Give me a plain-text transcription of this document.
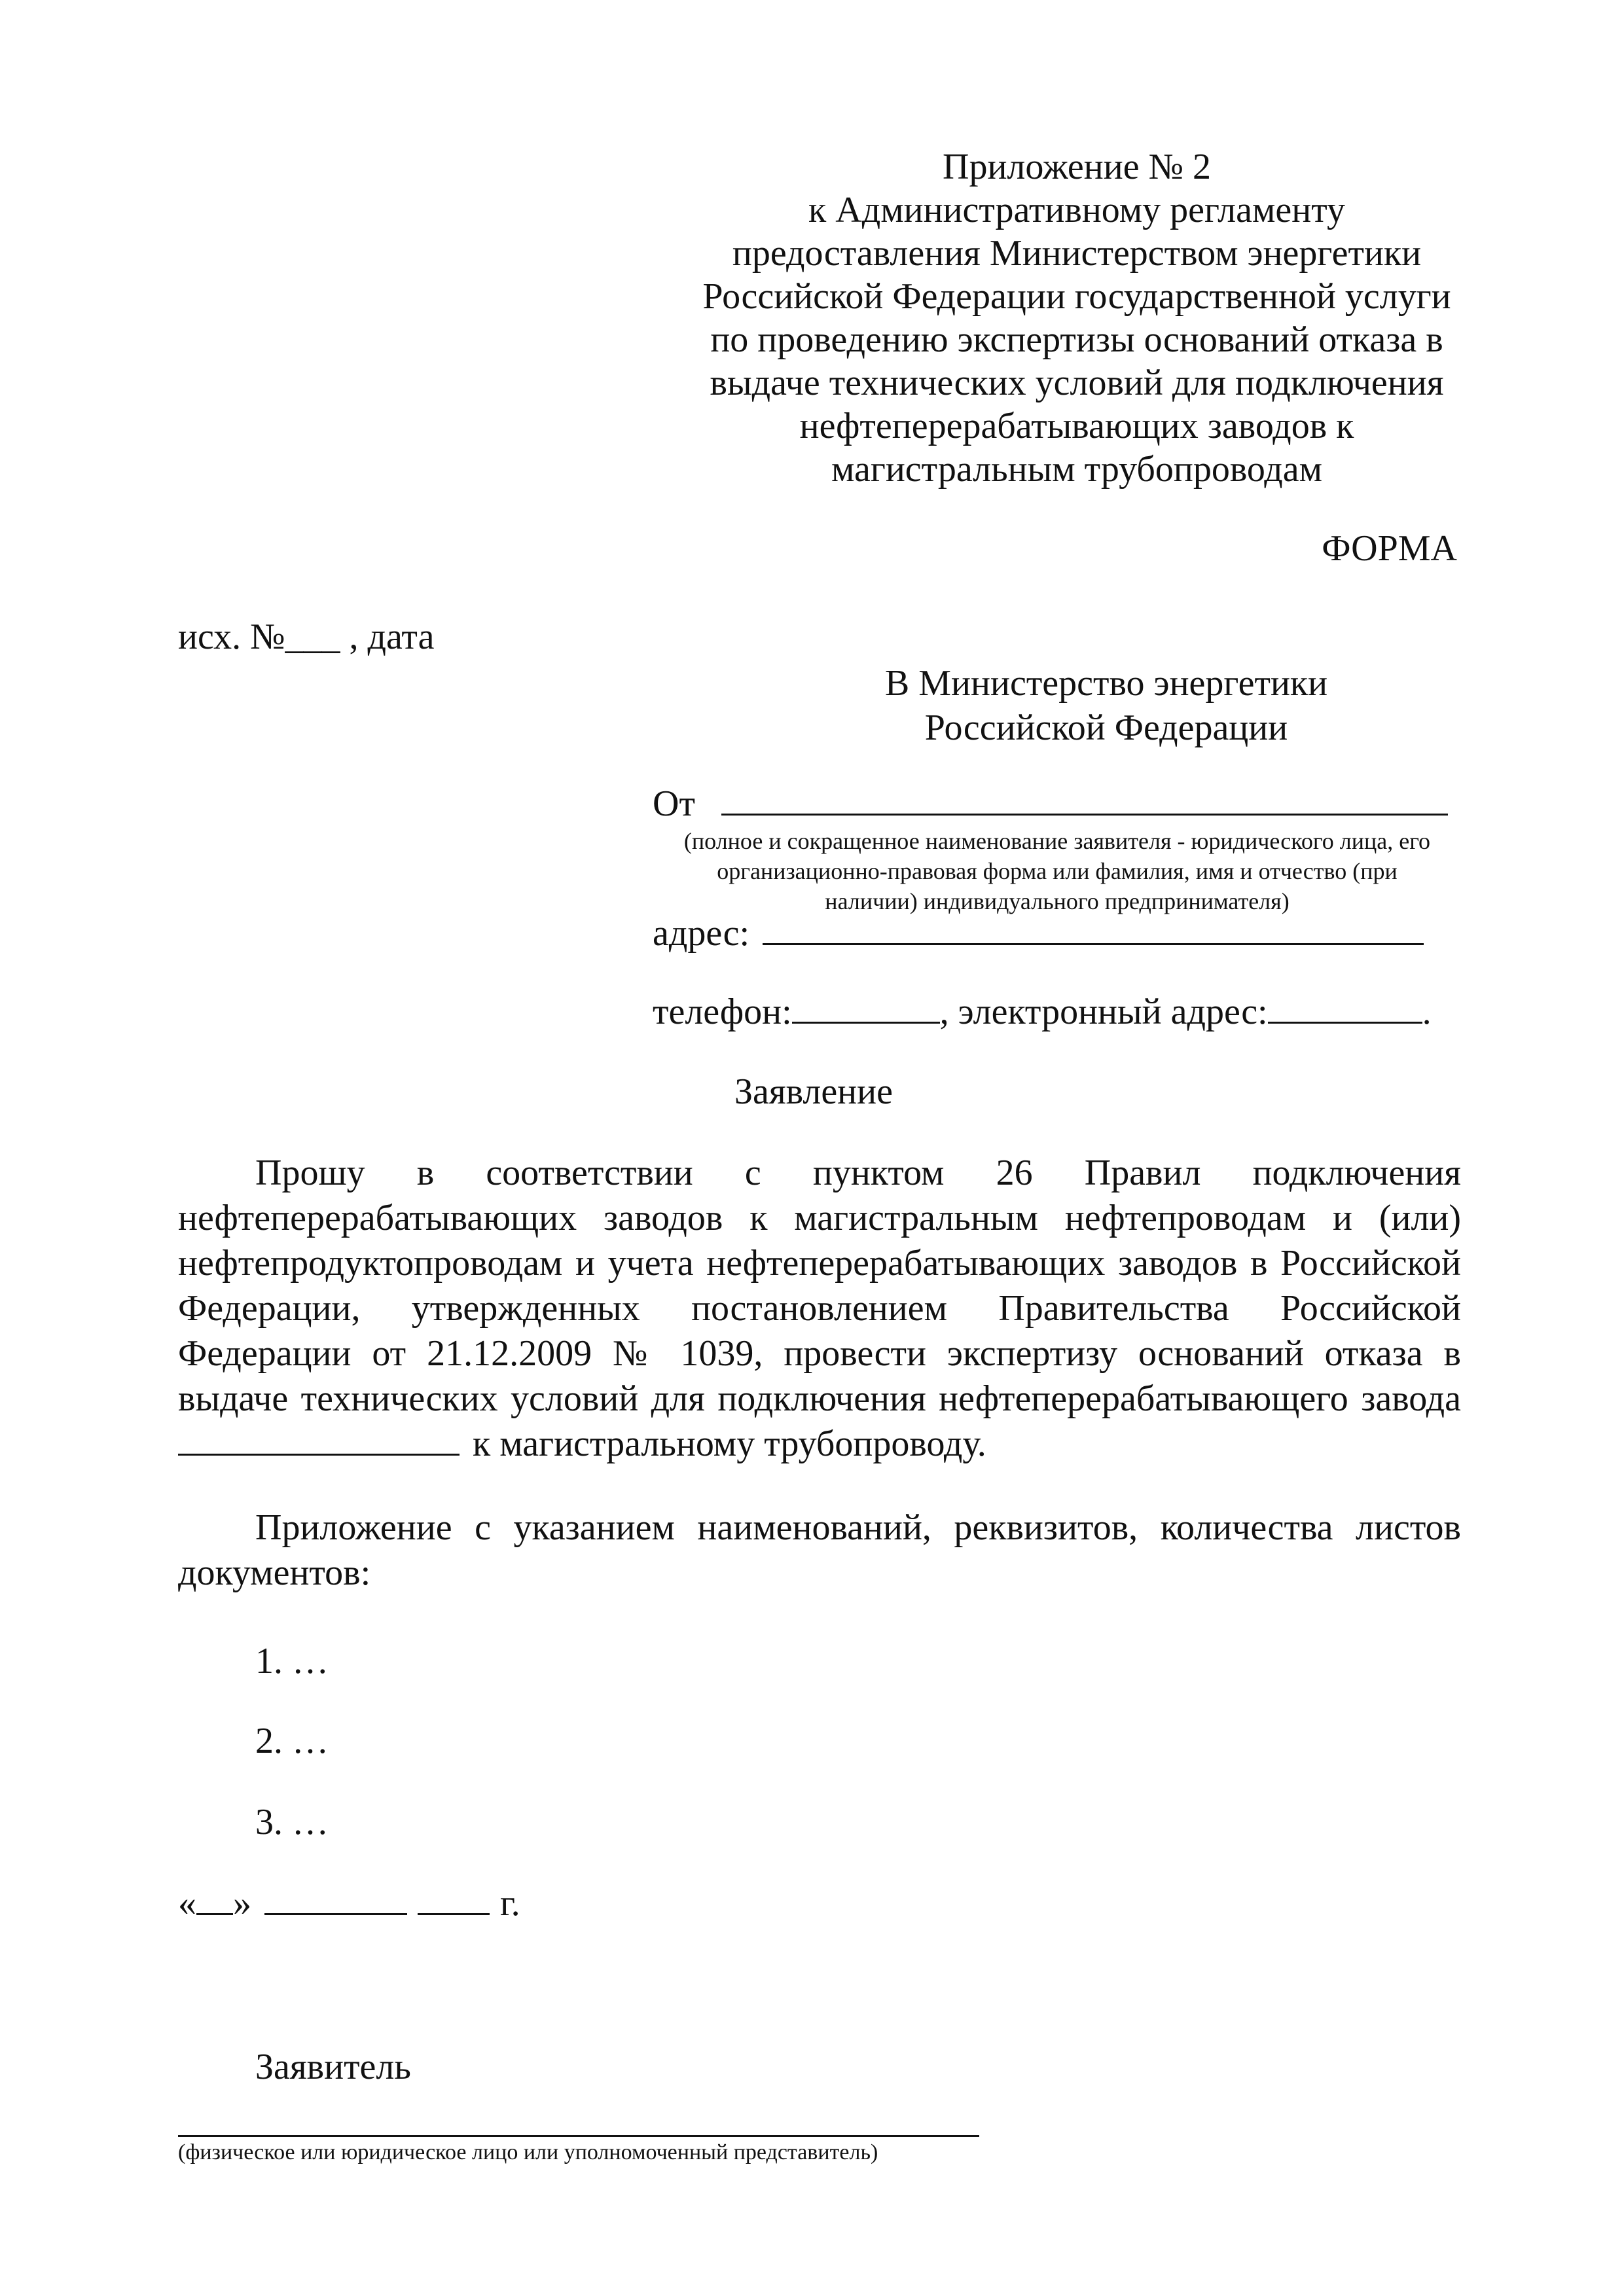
Приложение № 2
к Административному регламенту
предоставления Министерством энергетики
Российской Федерации государственной услуги
по проведению экспертизы оснований отказа в
выдаче технических условий для подключения
нефтеперерабатывающих заводов к
магистральным трубопроводам
ФОРМА
исх. №___ , дата
В Министерство энергетики
Российской Федерации
От
(полное и сокращенное наименование заявителя - юридического лица, его
организационно-правовая форма или фамилия, имя и отчество (при
наличии) индивидуального предпринимателя)
адрес:
телефон:	, электронный адрес:	.
Заявление
Прошу в соответствии с пунктом 26 Правил подключения
нефтеперерабатывающих заводов к магистральным нефтепроводам и (или)
нефтепродуктопроводам и учета нефтеперерабатывающих заводов в Российской
Федерации, утвержденных постановлением Правительства Российской
Федерации от 21.12.2009 № 1039, провести экспертизу оснований отказа в
выдаче технических условий для подключения нефтеперерабатывающего завода
к магистральному трубопроводу.
Приложение с указанием наименований, реквизитов, количества листов документов:
1. …
2. …
3. …
« »	г.
Заявитель
(физическое или юридическое лицо или уполномоченный представитель)
